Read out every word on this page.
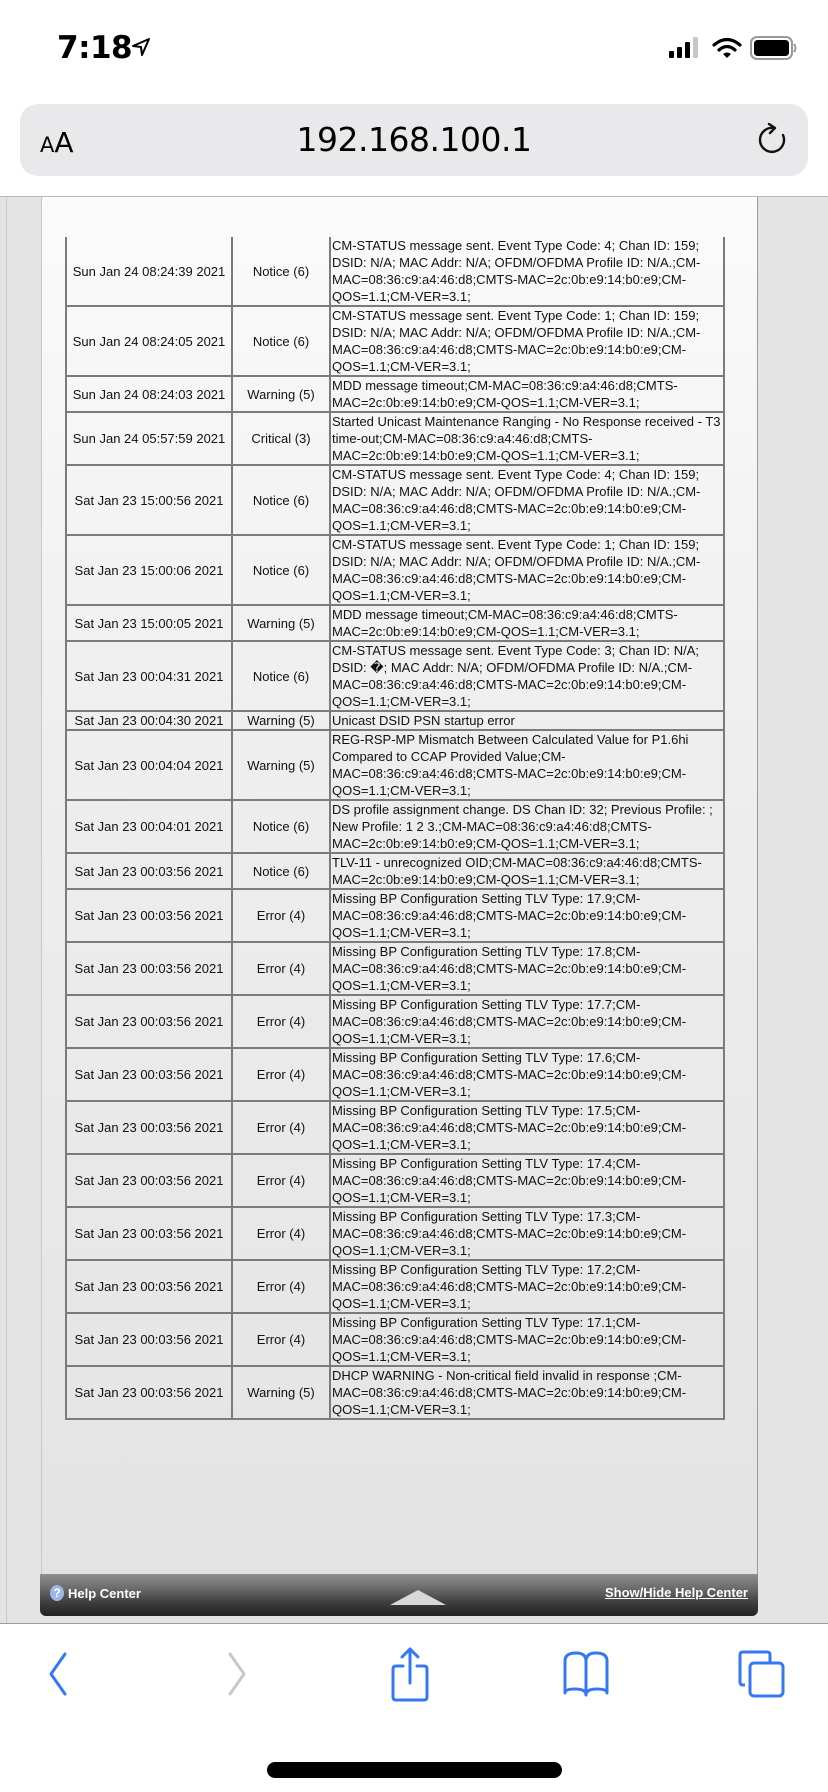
7:18
AA	192.168.100.1
Sun Jan 24 08:24:39 2021	Notice (6)	CM-STATUS message sent. Event Type Code: 4; Chan ID: 159; DSID: N/A; MAC Addr: N/A; OFDM/OFDMA Profile ID: N/A.;CM-MAC=08:36:c9:a4:46:d8;CMTS-MAC=2c:0b:e9:14:b0:e9;CM-QOS=1.1;CM-VER=3.1;
Sun Jan 24 08:24:05 2021	Notice (6)	CM-STATUS message sent. Event Type Code: 1; Chan ID: 159; DSID: N/A; MAC Addr: N/A; OFDM/OFDMA Profile ID: N/A.;CM-MAC=08:36:c9:a4:46:d8;CMTS-MAC=2c:0b:e9:14:b0:e9;CM-QOS=1.1;CM-VER=3.1;
Sun Jan 24 08:24:03 2021	Warning (5)	MDD message timeout;CM-MAC=08:36:c9:a4:46:d8;CMTS-MAC=2c:0b:e9:14:b0:e9;CM-QOS=1.1;CM-VER=3.1;
Sun Jan 24 05:57:59 2021	Critical (3)	Started Unicast Maintenance Ranging - No Response received - T3 time-out;CM-MAC=08:36:c9:a4:46:d8;CMTS-MAC=2c:0b:e9:14:b0:e9;CM-QOS=1.1;CM-VER=3.1;
Sat Jan 23 15:00:56 2021	Notice (6)	CM-STATUS message sent. Event Type Code: 4; Chan ID: 159; DSID: N/A; MAC Addr: N/A; OFDM/OFDMA Profile ID: N/A.;CM-MAC=08:36:c9:a4:46:d8;CMTS-MAC=2c:0b:e9:14:b0:e9;CM-QOS=1.1;CM-VER=3.1;
Sat Jan 23 15:00:06 2021	Notice (6)	CM-STATUS message sent. Event Type Code: 1; Chan ID: 159; DSID: N/A; MAC Addr: N/A; OFDM/OFDMA Profile ID: N/A.;CM-MAC=08:36:c9:a4:46:d8;CMTS-MAC=2c:0b:e9:14:b0:e9;CM-QOS=1.1;CM-VER=3.1;
Sat Jan 23 15:00:05 2021	Warning (5)	MDD message timeout;CM-MAC=08:36:c9:a4:46:d8;CMTS-MAC=2c:0b:e9:14:b0:e9;CM-QOS=1.1;CM-VER=3.1;
Sat Jan 23 00:04:31 2021	Notice (6)	CM-STATUS message sent. Event Type Code: 3; Chan ID: N/A; DSID: �; MAC Addr: N/A; OFDM/OFDMA Profile ID: N/A.;CM-MAC=08:36:c9:a4:46:d8;CMTS-MAC=2c:0b:e9:14:b0:e9;CM-QOS=1.1;CM-VER=3.1;
Sat Jan 23 00:04:30 2021	Warning (5)	Unicast DSID PSN startup error
Sat Jan 23 00:04:04 2021	Warning (5)	REG-RSP-MP Mismatch Between Calculated Value for P1.6hi Compared to CCAP Provided Value;CM-MAC=08:36:c9:a4:46:d8;CMTS-MAC=2c:0b:e9:14:b0:e9;CM-QOS=1.1;CM-VER=3.1;
Sat Jan 23 00:04:01 2021	Notice (6)	DS profile assignment change. DS Chan ID: 32; Previous Profile: ; New Profile: 1 2 3.;CM-MAC=08:36:c9:a4:46:d8;CMTS-MAC=2c:0b:e9:14:b0:e9;CM-QOS=1.1;CM-VER=3.1;
Sat Jan 23 00:03:56 2021	Notice (6)	TLV-11 - unrecognized OID;CM-MAC=08:36:c9:a4:46:d8;CMTS-MAC=2c:0b:e9:14:b0:e9;CM-QOS=1.1;CM-VER=3.1;
Sat Jan 23 00:03:56 2021	Error (4)	Missing BP Configuration Setting TLV Type: 17.9;CM-MAC=08:36:c9:a4:46:d8;CMTS-MAC=2c:0b:e9:14:b0:e9;CM-QOS=1.1;CM-VER=3.1;
Sat Jan 23 00:03:56 2021	Error (4)	Missing BP Configuration Setting TLV Type: 17.8;CM-MAC=08:36:c9:a4:46:d8;CMTS-MAC=2c:0b:e9:14:b0:e9;CM-QOS=1.1;CM-VER=3.1;
Sat Jan 23 00:03:56 2021	Error (4)	Missing BP Configuration Setting TLV Type: 17.7;CM-MAC=08:36:c9:a4:46:d8;CMTS-MAC=2c:0b:e9:14:b0:e9;CM-QOS=1.1;CM-VER=3.1;
Sat Jan 23 00:03:56 2021	Error (4)	Missing BP Configuration Setting TLV Type: 17.6;CM-MAC=08:36:c9:a4:46:d8;CMTS-MAC=2c:0b:e9:14:b0:e9;CM-QOS=1.1;CM-VER=3.1;
Sat Jan 23 00:03:56 2021	Error (4)	Missing BP Configuration Setting TLV Type: 17.5;CM-MAC=08:36:c9:a4:46:d8;CMTS-MAC=2c:0b:e9:14:b0:e9;CM-QOS=1.1;CM-VER=3.1;
Sat Jan 23 00:03:56 2021	Error (4)	Missing BP Configuration Setting TLV Type: 17.4;CM-MAC=08:36:c9:a4:46:d8;CMTS-MAC=2c:0b:e9:14:b0:e9;CM-QOS=1.1;CM-VER=3.1;
Sat Jan 23 00:03:56 2021	Error (4)	Missing BP Configuration Setting TLV Type: 17.3;CM-MAC=08:36:c9:a4:46:d8;CMTS-MAC=2c:0b:e9:14:b0:e9;CM-QOS=1.1;CM-VER=3.1;
Sat Jan 23 00:03:56 2021	Error (4)	Missing BP Configuration Setting TLV Type: 17.2;CM-MAC=08:36:c9:a4:46:d8;CMTS-MAC=2c:0b:e9:14:b0:e9;CM-QOS=1.1;CM-VER=3.1;
Sat Jan 23 00:03:56 2021	Error (4)	Missing BP Configuration Setting TLV Type: 17.1;CM-MAC=08:36:c9:a4:46:d8;CMTS-MAC=2c:0b:e9:14:b0:e9;CM-QOS=1.1;CM-VER=3.1;
Sat Jan 23 00:03:56 2021	Warning (5)	DHCP WARNING - Non-critical field invalid in response ;CM-MAC=08:36:c9:a4:46:d8;CMTS-MAC=2c:0b:e9:14:b0:e9;CM-QOS=1.1;CM-VER=3.1;
? Help Center	Show/Hide Help Center
